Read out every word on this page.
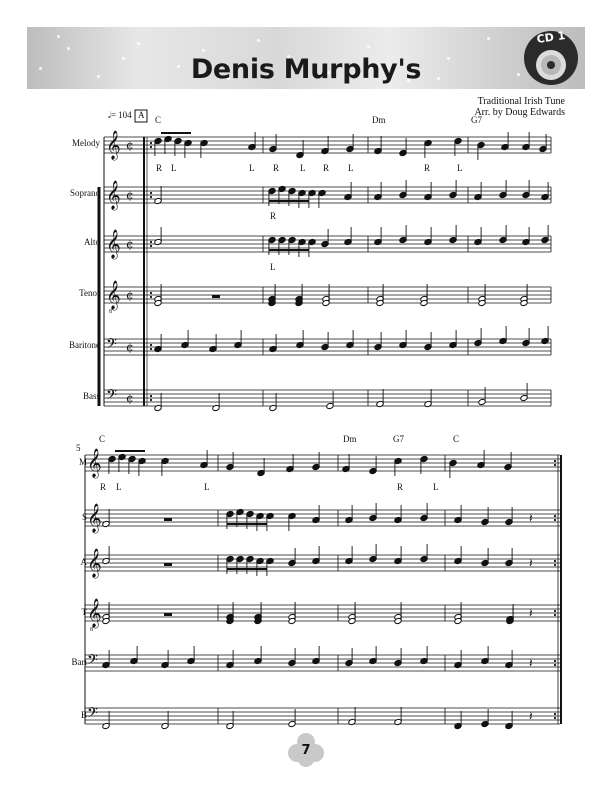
Denis Murphy's
CD 1
Traditional Irish Tune
Arr. by Doug Edwards
𝅗𝅥= 104
𝄞 ¢
𝄞 ¢
𝄞 ¢
𝄞
8
¢
𝄢 ¢
𝄢 ¢
𝄞
𝄞
𝄞
𝄞
8
𝄢
𝄢
𝄽
𝄽
𝄽
𝄽
𝄽
Melody
Soprano
Alto
Tenor
Baritone
Bass
A C	Dm	G7
R L	L R L R L	R	L
R
L
M
S
A
T
Bari
B
5
C	Dm	G7	C
R L	L	R	L
7
